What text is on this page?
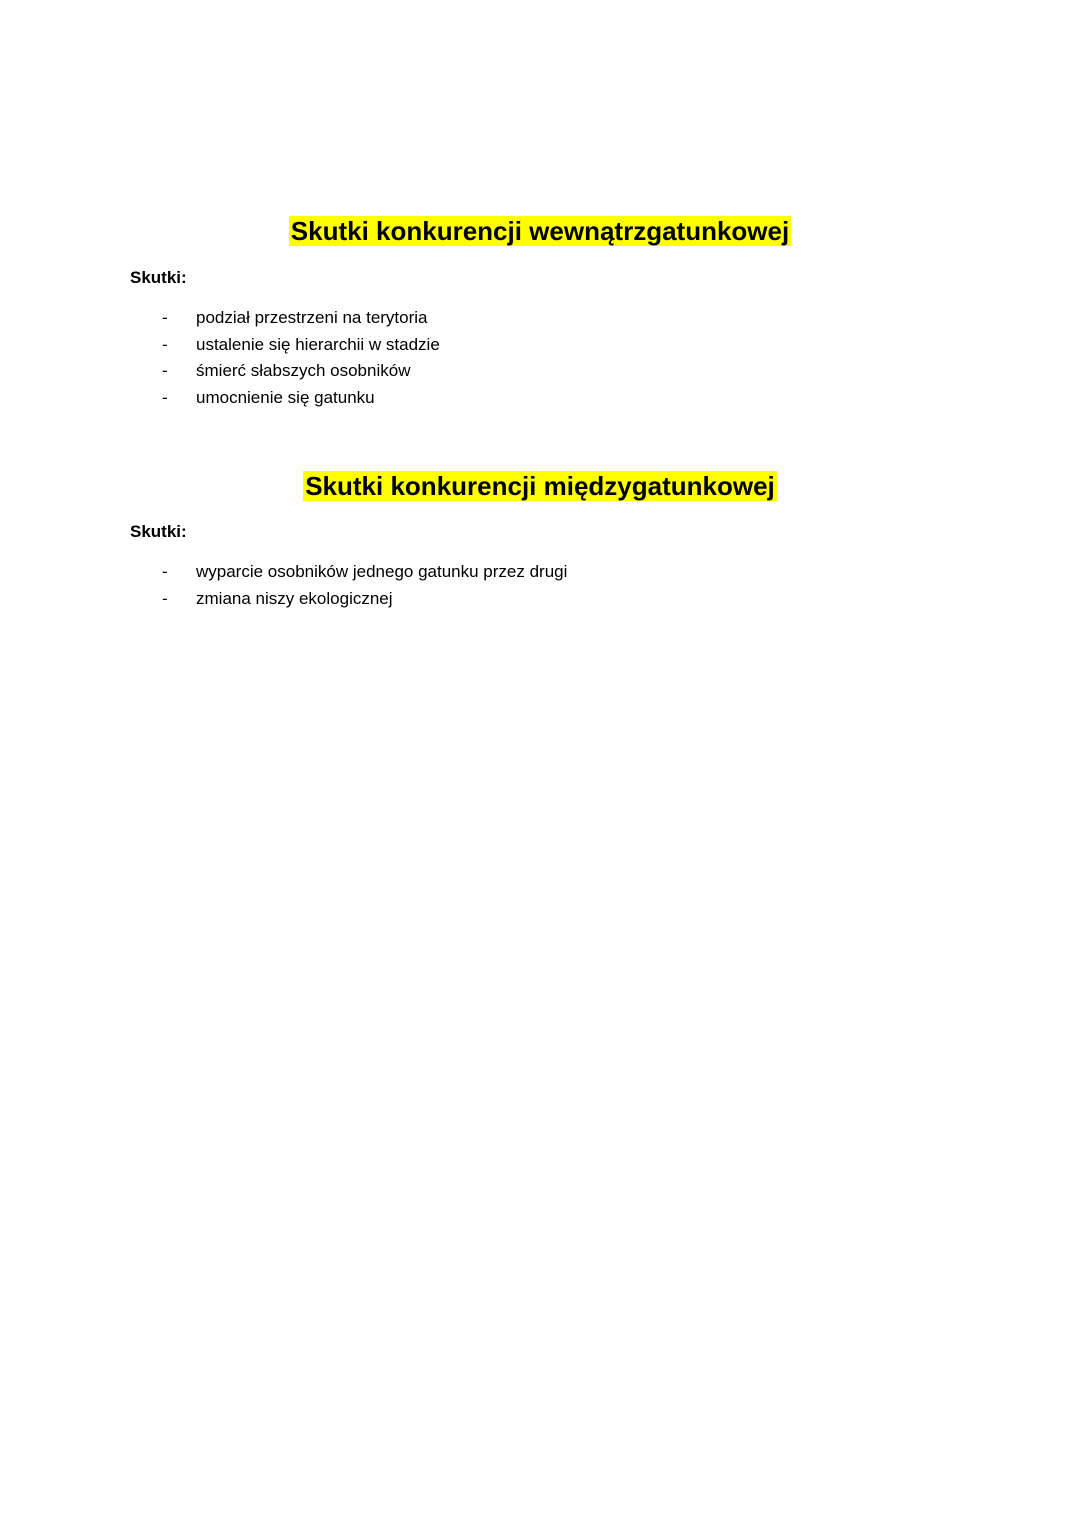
Skutki konkurencji wewnątrzgatunkowej
Skutki:
- podział przestrzeni na terytoria
- ustalenie się hierarchii w stadzie
- śmierć słabszych osobników
- umocnienie się gatunku
Skutki konkurencji międzygatunkowej
Skutki:
- wyparcie osobników jednego gatunku przez drugi
- zmiana niszy ekologicznej
